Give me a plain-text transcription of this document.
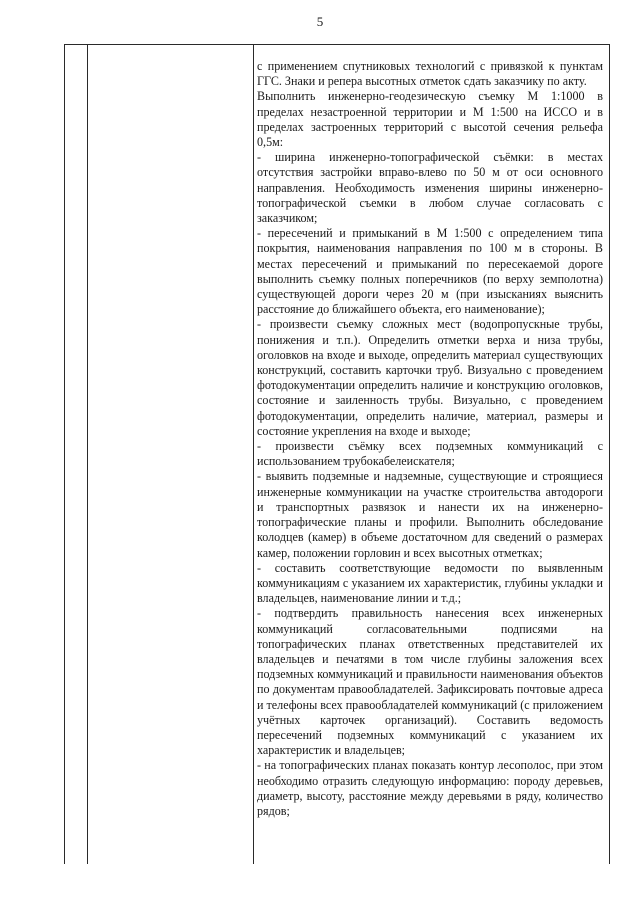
5

с применением спутниковых технологий с привязкой к пунктам ГГС. Знаки и репера высотных отметок сдать заказчику по акту.

Выполнить инженерно-геодезическую съемку М 1:1000 в пределах незастроенной территории и М 1:500 на ИССО и в пределах застроенных территорий с высотой сечения рельефа 0,5м:

- ширина инженерно-топографической съёмки: в местах отсутствия застройки вправо-влево по 50 м от оси основного направления. Необходимость изменения ширины инженерно-топографической съемки в любом случае согласовать с заказчиком;

- пересечений и примыканий в М 1:500 с определением типа покрытия, наименования направления по 100 м в стороны. В местах пересечений и примыканий по пересекаемой дороге выполнить съемку полных поперечников (по верху земполотна) существующей дороги через 20 м (при изысканиях выяснить расстояние до ближайшего объекта, его наименование);

- произвести съемку сложных мест (водопропускные трубы, понижения и т.п.). Определить отметки верха и низа трубы, оголовков на входе и выходе, определить материал существующих конструкций, составить карточки труб. Визуально с проведением фотодокументации определить наличие и конструкцию оголовков, состояние и заиленность трубы. Визуально, с проведением фотодокументации, определить наличие, материал, размеры и состояние укрепления на входе и выходе;

- произвести съёмку всех подземных коммуникаций с использованием трубокабелеискателя;

- выявить подземные и надземные, существующие и строящиеся инженерные коммуникации на участке строительства автодороги и транспортных развязок и нанести их на инженерно-топографические планы и профили. Выполнить обследование колодцев (камер) в объеме достаточном для сведений о размерах камер, положении горловин и всех высотных отметках;

- составить соответствующие ведомости по выявленным коммуникациям с указанием их характеристик, глубины укладки и владельцев, наименование линии и т.д.;

- подтвердить правильность нанесения всех инженерных коммуникаций согласовательными подписями на топографических планах ответственных представителей их владельцев и печатями в том числе глубины заложения всех подземных коммуникаций и правильности наименования объектов по документам правообладателей. Зафиксировать почтовые адреса и телефоны всех правообладателей коммуникаций (с приложением учётных карточек организаций). Составить ведомость пересечений подземных коммуникаций с указанием их характеристик и владельцев;

- на топографических планах показать контур лесополос, при этом необходимо отразить следующую информацию: породу деревьев, диаметр, высоту, расстояние между деревьями в ряду, количество рядов;
